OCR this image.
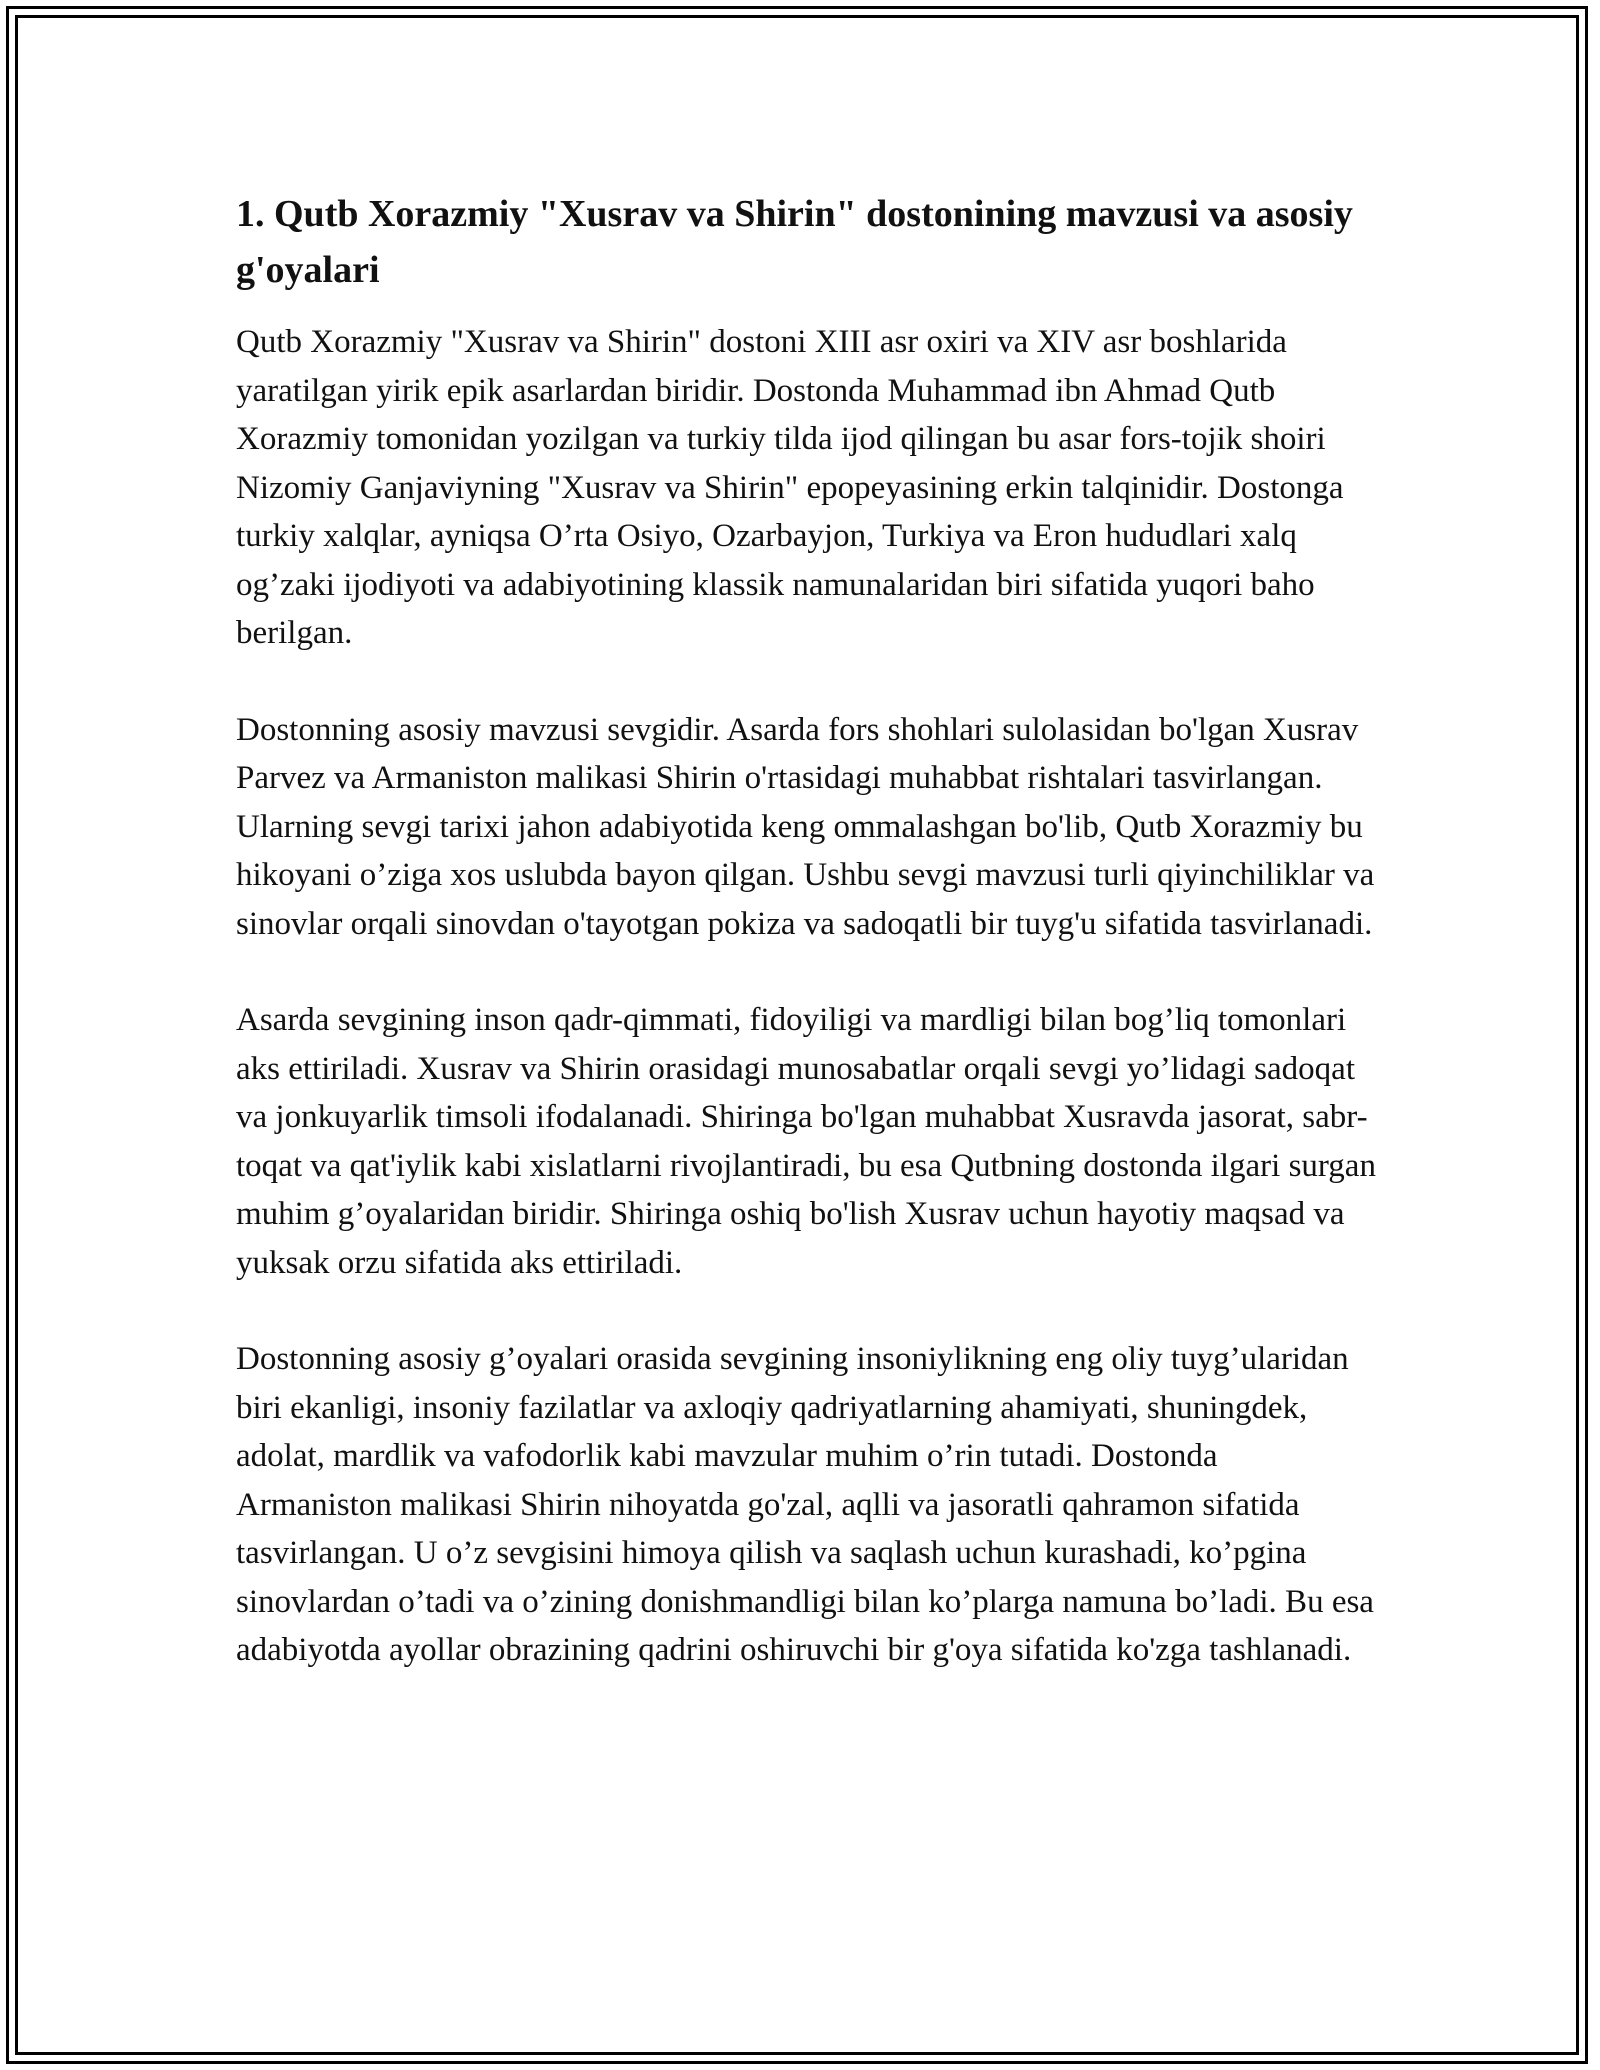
1. Qutb Xorazmiy "Xusrav va Shirin" dostonining mavzusi va asosiy g'oyalari

Qutb Xorazmiy "Xusrav va Shirin" dostoni XIII asr oxiri va XIV asr boshlarida yaratilgan yirik epik asarlardan biridir. Dostonda Muhammad ibn Ahmad Qutb Xorazmiy tomonidan yozilgan va turkiy tilda ijod qilingan bu asar fors-tojik shoiri Nizomiy Ganjaviyning "Xusrav va Shirin" epopeyasining erkin talqinidir. Dostonga turkiy xalqlar, ayniqsa O’rta Osiyo, Ozarbayjon, Turkiya va Eron hududlari xalq og’zaki ijodiyoti va adabiyotining klassik namunalaridan biri sifatida yuqori baho berilgan.

Dostonning asosiy mavzusi sevgidir. Asarda fors shohlari sulolasidan bo'lgan Xusrav Parvez va Armaniston malikasi Shirin o'rtasidagi muhabbat rishtalari tasvirlangan. Ularning sevgi tarixi jahon adabiyotida keng ommalashgan bo'lib, Qutb Xorazmiy bu hikoyani o’ziga xos uslubda bayon qilgan. Ushbu sevgi mavzusi turli qiyinchiliklar va sinovlar orqali sinovdan o'tayotgan pokiza va sadoqatli bir tuyg'u sifatida tasvirlanadi.

Asarda sevgining inson qadr-qimmati, fidoyiligi va mardligi bilan bog’liq tomonlari aks ettiriladi. Xusrav va Shirin orasidagi munosabatlar orqali sevgi yo’lidagi sadoqat va jonkuyarlik timsoli ifodalanadi. Shiringa bo'lgan muhabbat Xusravda jasorat, sabr-toqat va qat'iylik kabi xislatlarni rivojlantiradi, bu esa Qutbning dostonda ilgari surgan muhim g’oyalaridan biridir. Shiringa oshiq bo'lish Xusrav uchun hayotiy maqsad va yuksak orzu sifatida aks ettiriladi.

Dostonning asosiy g’oyalari orasida sevgining insoniylikning eng oliy tuyg’ularidan biri ekanligi, insoniy fazilatlar va axloqiy qadriyatlarning ahamiyati, shuningdek, adolat, mardlik va vafodorlik kabi mavzular muhim o’rin tutadi. Dostonda Armaniston malikasi Shirin nihoyatda go'zal, aqlli va jasoratli qahramon sifatida tasvirlangan. U o’z sevgisini himoya qilish va saqlash uchun kurashadi, ko’pgina sinovlardan o’tadi va o’zining donishmandligi bilan ko’plarga namuna bo’ladi. Bu esa adabiyotda ayollar obrazining qadrini oshiruvchi bir g'oya sifatida ko'zga tashlanadi.
